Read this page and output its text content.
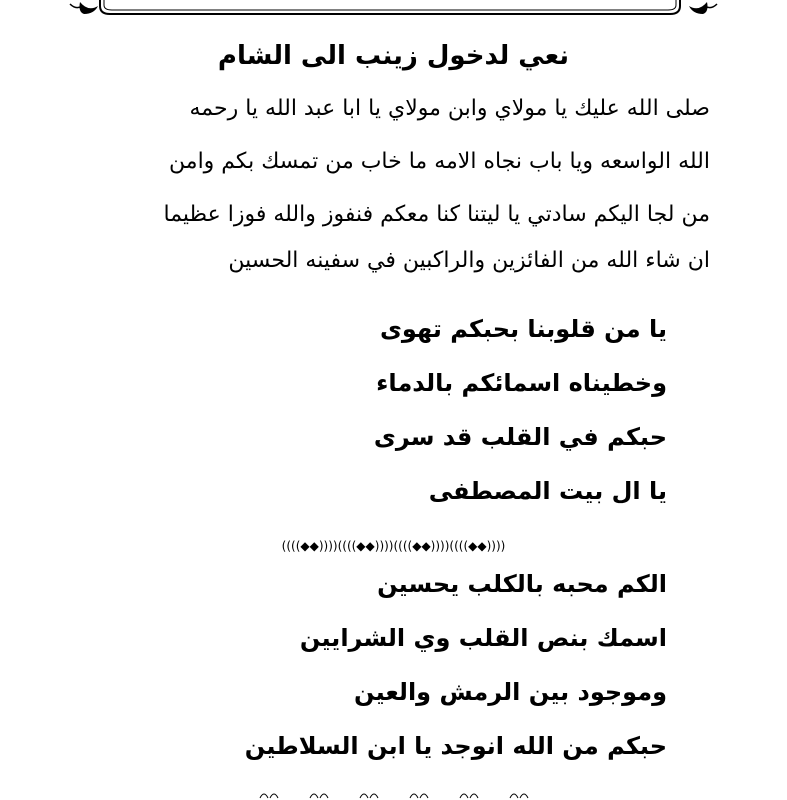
نعي لدخول زينب الى الشام
صلى الله عليك يا مولاي وابن مولاي يا ابا عبد الله يا رحمه
الله الواسعه ويا باب نجاه الامه ما خاب من تمسك بكم وامن
من لجا اليكم سادتي يا ليتنا كنا معكم فنفوز والله فوزا عظيما
ان شاء الله من الفائزين والراكبين في سفينه الحسين
يا من قلوبنا بحبكم تهوى
وخطيناه اسمائكم بالدماء
حبكم في القلب قد سرى
يا ال بيت المصطفى
((((◆◆))))((((◆◆))))((((◆◆))))((((◆◆))))
الكم محبه بالكلب يحسين
اسمك بنص القلب وي الشرايين
وموجود بين الرمش والعين
حبكم من الله انوجد يا ابن السلاطين
